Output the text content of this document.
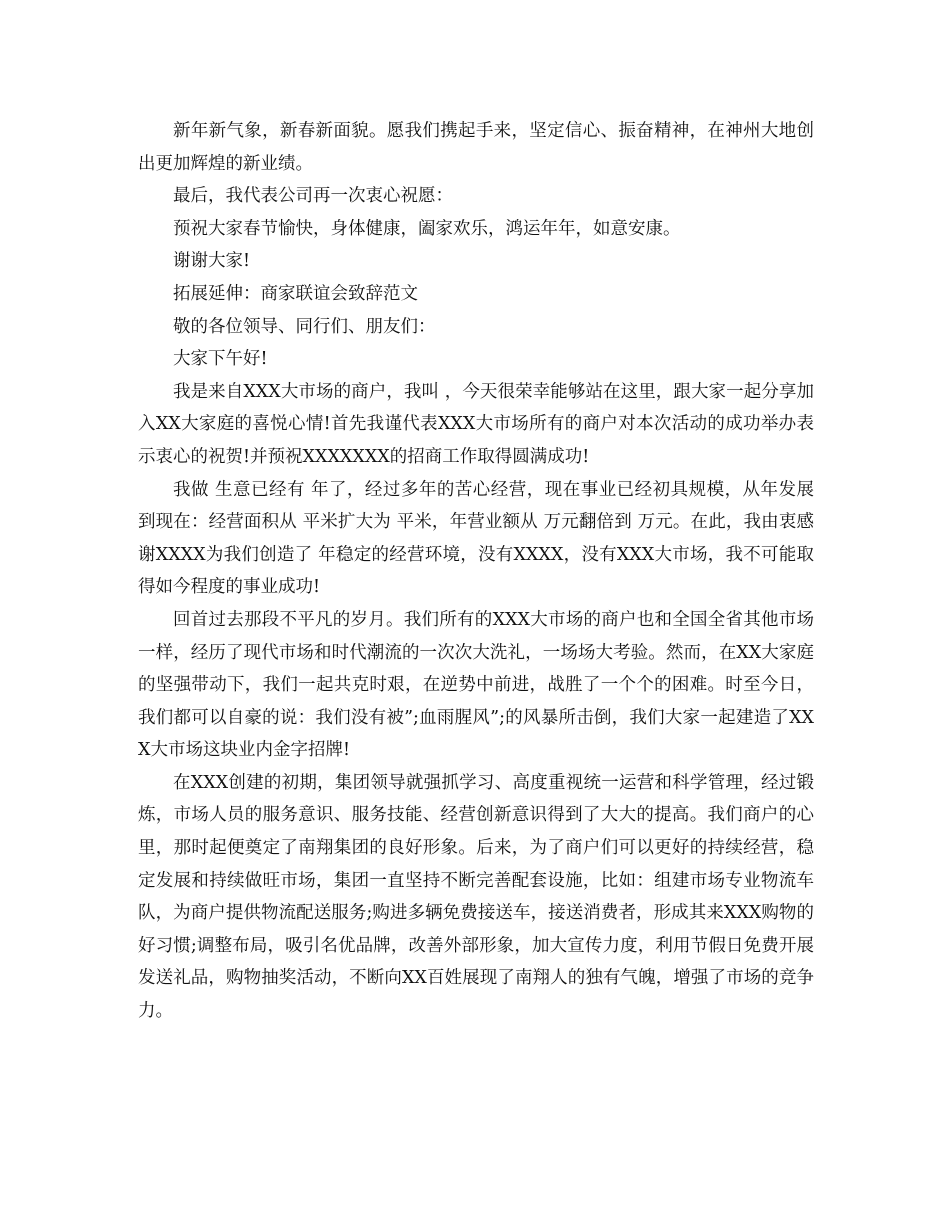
新年新气象，新春新面貌。愿我们携起手来，坚定信心、振奋精神，在神州大地创出更加辉煌的新业绩。

最后，我代表公司再一次衷心祝愿：

预祝大家春节愉快，身体健康，阖家欢乐，鸿运年年，如意安康。

谢谢大家!

拓展延伸：商家联谊会致辞范文

敬的各位领导、同行们、朋友们：

大家下午好!

我是来自XXX大市场的商户，我叫 ，今天很荣幸能够站在这里，跟大家一起分享加入XX大家庭的喜悦心情!首先我谨代表XXX大市场所有的商户对本次活动的成功举办表示衷心的祝贺!并预祝XXXXXXX的招商工作取得圆满成功!

我做 生意已经有 年了，经过多年的苦心经营，现在事业已经初具规模，从年发展到现在：经营面积从 平米扩大为 平米，年营业额从 万元翻倍到 万元。在此，我由衷感谢XXXX为我们创造了 年稳定的经营环境，没有XXXX，没有XXX大市场，我不可能取得如今程度的事业成功!

回首过去那段不平凡的岁月。我们所有的XXX大市场的商户也和全国全省其他市场一样，经历了现代市场和时代潮流的一次次大洗礼，一场场大考验。然而，在XX大家庭的坚强带动下，我们一起共克时艰，在逆势中前进，战胜了一个个的困难。时至今日，我们都可以自豪的说：我们没有被”;血雨腥风”;的风暴所击倒，我们大家一起建造了XXX大市场这块业内金字招牌!

在XXX创建的初期，集团领导就强抓学习、高度重视统一运营和科学管理，经过锻炼，市场人员的服务意识、服务技能、经营创新意识得到了大大的提高。我们商户的心里，那时起便奠定了南翔集团的良好形象。后来，为了商户们可以更好的持续经营，稳定发展和持续做旺市场，集团一直坚持不断完善配套设施，比如：组建市场专业物流车队，为商户提供物流配送服务;购进多辆免费接送车，接送消费者，形成其来XXX购物的好习惯;调整布局，吸引名优品牌，改善外部形象，加大宣传力度，利用节假日免费开展发送礼品，购物抽奖活动，不断向XX百姓展现了南翔人的独有气魄，增强了市场的竞争力。
